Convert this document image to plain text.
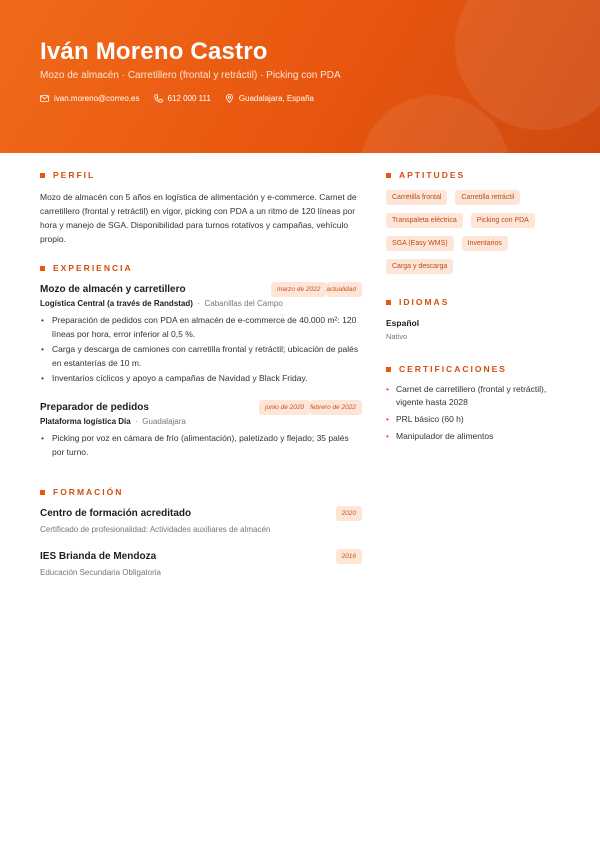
Iván Moreno Castro
Mozo de almacén · Carretillero (frontal y retráctil) · Picking con PDA
ivan.moreno@correo.es	612 000 111	Guadalajara, España
PERFIL
Mozo de almacén con 5 años en logística de alimentación y e-commerce. Carnet de carretillero (frontal y retráctil) en vigor, picking con PDA a un ritmo de 120 líneas por hora y manejo de SGA. Disponibilidad para turnos rotativos y campañas, vehículo propio.
EXPERIENCIA
Mozo de almacén y carretillero	marzo de 2022 actualidad
Logística Central (a través de Randstad)  ·  Cabanillas del Campo
• Preparación de pedidos con PDA en almacén de e-commerce de 40.000 m²: 120 líneas por hora, error inferior al 0,5 %.
• Carga y descarga de camiones con carretilla frontal y retráctil; ubicación de palés en estanterías de 10 m.
• Inventarios cíclicos y apoyo a campañas de Navidad y Black Friday.
Preparador de pedidos	junio de 2020 febrero de 2022
Plataforma logística Día  ·  Guadalajara
• Picking por voz en cámara de frío (alimentación), paletizado y flejado; 35 palés por turno.
FORMACIÓN
Centro de formación acreditado	2020
Certificado de profesionalidad: Actividades auxiliares de almacén
IES Brianda de Mendoza	2016
Educación Secundaria Obligatoria
APTITUDES
Carretilla frontal	Carretilla retráctil
Transpaleta eléctrica	Picking con PDA
SGA (Easy WMS)	Inventarios
Carga y descarga
IDIOMAS
Español
Nativo
CERTIFICACIONES
• Carnet de carretillero (frontal y retráctil), vigente hasta 2028
• PRL básico (60 h)
• Manipulador de alimentos
